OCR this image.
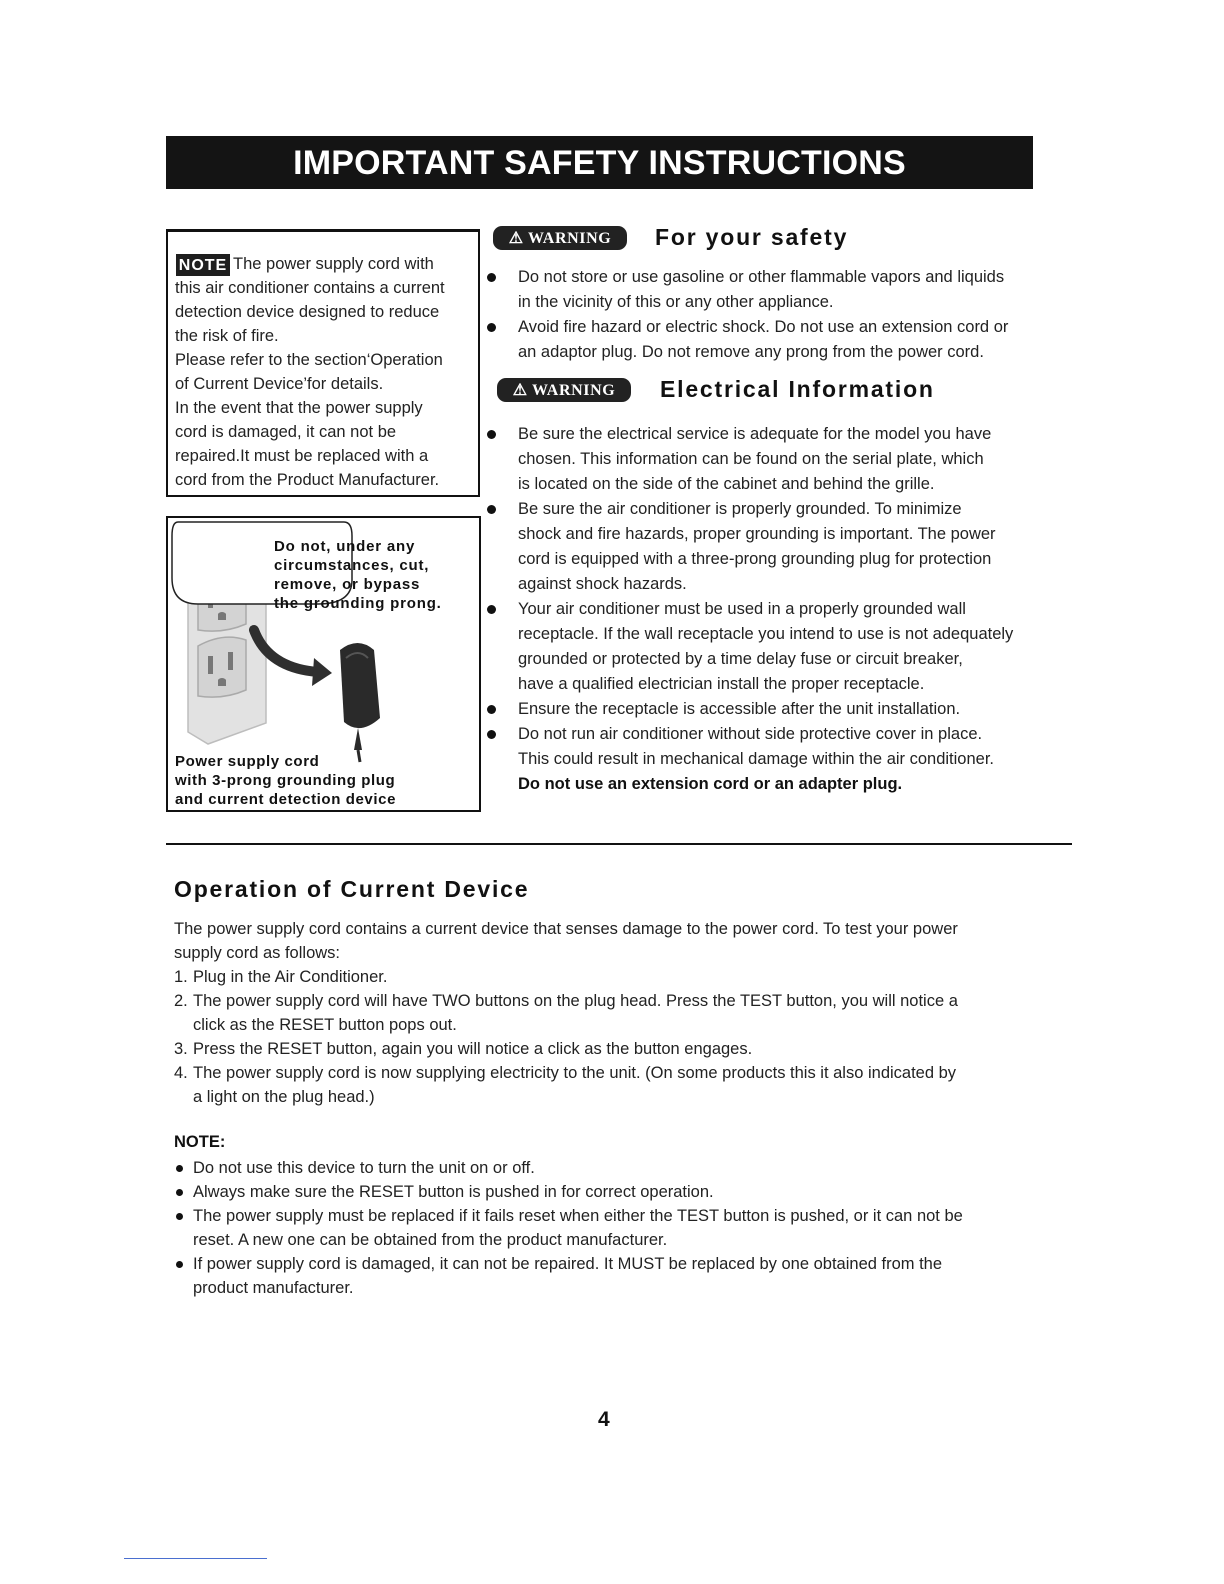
IMPORTANT SAFETY INSTRUCTIONS
NOTE The power supply cord with
this air conditioner contains a current
detection device designed to reduce
the risk of fire.
Please refer to the section‘Operation
of Current Device’for details.
In the event that the power supply
cord is damaged, it can not be
repaired.It must be replaced with a
cord from the Product Manufacturer.
Do not, under any
circumstances, cut,
remove, or bypass
the grounding prong.
Power supply cord
with 3-prong grounding plug
and current detection device
⚠ WARNING	For your safety
Do not store or use gasoline or other flammable vapors and liquids
in the vicinity of this or any other appliance.
Avoid fire hazard or electric shock. Do not use an extension cord or
an adaptor plug. Do not remove any prong from the power cord.
⚠ WARNING	Electrical Information
Be sure the electrical service is adequate for the model you have
chosen. This information can be found on the serial plate, which
is located on the side of the cabinet and behind the grille.
Be sure the air conditioner is properly grounded. To minimize
shock and fire hazards, proper grounding is important. The power
cord is equipped with a three-prong grounding plug for protection
against shock hazards.
Your air conditioner must be used in a properly grounded wall
receptacle. If the wall receptacle you intend to use is not adequately
grounded or protected by a time delay fuse or circuit breaker,
have a qualified electrician install the proper receptacle.
Ensure the receptacle is accessible after the unit installation.
Do not run air conditioner without side protective cover in place.
This could result in mechanical damage within the air conditioner.
Do not use an extension cord or an adapter plug.
Operation of Current Device
The power supply cord contains a current device that senses damage to the power cord. To test your power
supply cord as follows:
1. Plug in the Air Conditioner.
2. The power supply cord will have TWO buttons on the plug head. Press the TEST button, you will notice a
click as the RESET button pops out.
3. Press the RESET button, again you will notice a click as the button engages.
4. The power supply cord is now supplying electricity to the unit. (On some products this it also indicated by
a light on the plug head.)
NOTE:
Do not use this device to turn the unit on or off.
Always make sure the RESET button is pushed in for correct operation.
The power supply must be replaced if it fails reset when either the TEST button is pushed, or it can not be
reset. A new one can be obtained from the product manufacturer.
If power supply cord is damaged, it can not be repaired. It MUST be replaced by one obtained from the
product manufacturer.
4
